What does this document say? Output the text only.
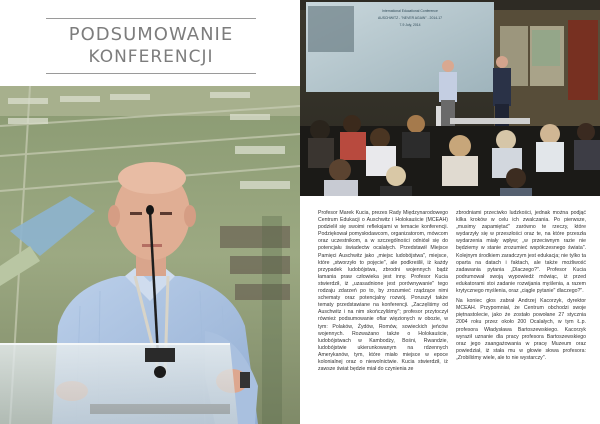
PODSUMOWANIE
KONFERENCJI
International Educational Conference
AUSCHWITZ - "NEVER AGAIN" - 2014-17
7-9 July, 2014

Profesor Marek Kucia, prezes Rady Międzynarodowego Centrum Edukacji o Auschwitz i Holokauście (MCEAH) podzielił się swoimi refleksjami w temacie konferencji. Podziękował pomysłodawcom, organizatorom, mówcom oraz uczestnikom, a w szczególności odniósł się do potencjału świadectw ocalałych. Przedstawił Miejsce Pamięci Auschwitz jako „miejsc ludobójstwa", miejsce, które „stworzyło to pojęcie", ale podkreślił, iż każdy przypadek ludobójstwa, zbrodni wojennych bądź łamania praw człowieka jest inny. Profesor Kucia stwierdził, iż „uzasadnione jest porównywanie" tego rodzaju zdarzeń po to, by zrozumieć rządzące nimi schematy oraz potencjalny rozwój. Poruszył także tematy przedstawiane na konferencji. „Zaczęliśmy od Auschwitz i na nim skończyliśmy"; profesor przytoczył również podsumowanie ofiar więzionych w obozie, w tym: Polaków, Żydów, Romów, sowieckich jeńców wojennych. Rozważano także o Holokauście, ludobójstwach w Kambodży, Bośni, Rwandzie, ludobójstwie ukierunkowanym na rdzennych Amerykanów, tym, które miało miejsce w epoce kolonialnej oraz o niewolnictwie. Kucia stwierdził, iż zawsze świat będzie miał do czynienia ze

zbrodniami przeciwko ludzkości, jednak można podjąć kilka kroków w celu ich zwalczania. Po pierwsze, „musimy zapamiętać" zarówno te rzeczy, które wydarzyły się w przeszłości oraz te, na które przeszła wydarzenia miały wpływ; „w przeciwnym razie nie będziemy w stanie zrozumieć współczesnego świata". Kolejnym środkiem zaradczym jest edukacja; nie tylko ta oparta na datach i faktach, ale także możliwość zadawania pytania „Dlaczego?". Profesor Kucia podrumował swoją wypowiedź mówiąc, iż przed edukatorami stoi zadanie rozwijania myślenia, a razem krytycznego myślenia, oraz „ciągle pytanie" dlaczego?".

Na koniec głos zabrał Andrzej Kacorzyk, dyrektor MCEAH. Przypomniał, że Centrum obchodzi swoje piętnastolecie, jako że zostało powołane 27 stycznia 2004 roku przez około 200 Ocalałych, w tym Ł.p. profesora Władysława Bartoszewskiego. Kacorzyk wyraził uznanie dla pracy profesora Bartoszewskiego oraz jego zaangażowania w pracę Muzeum oraz powiedział, iż stała mu w głowie słowa profesora: „Zrobiliśmy wiele, ale to nie wystarczy".
